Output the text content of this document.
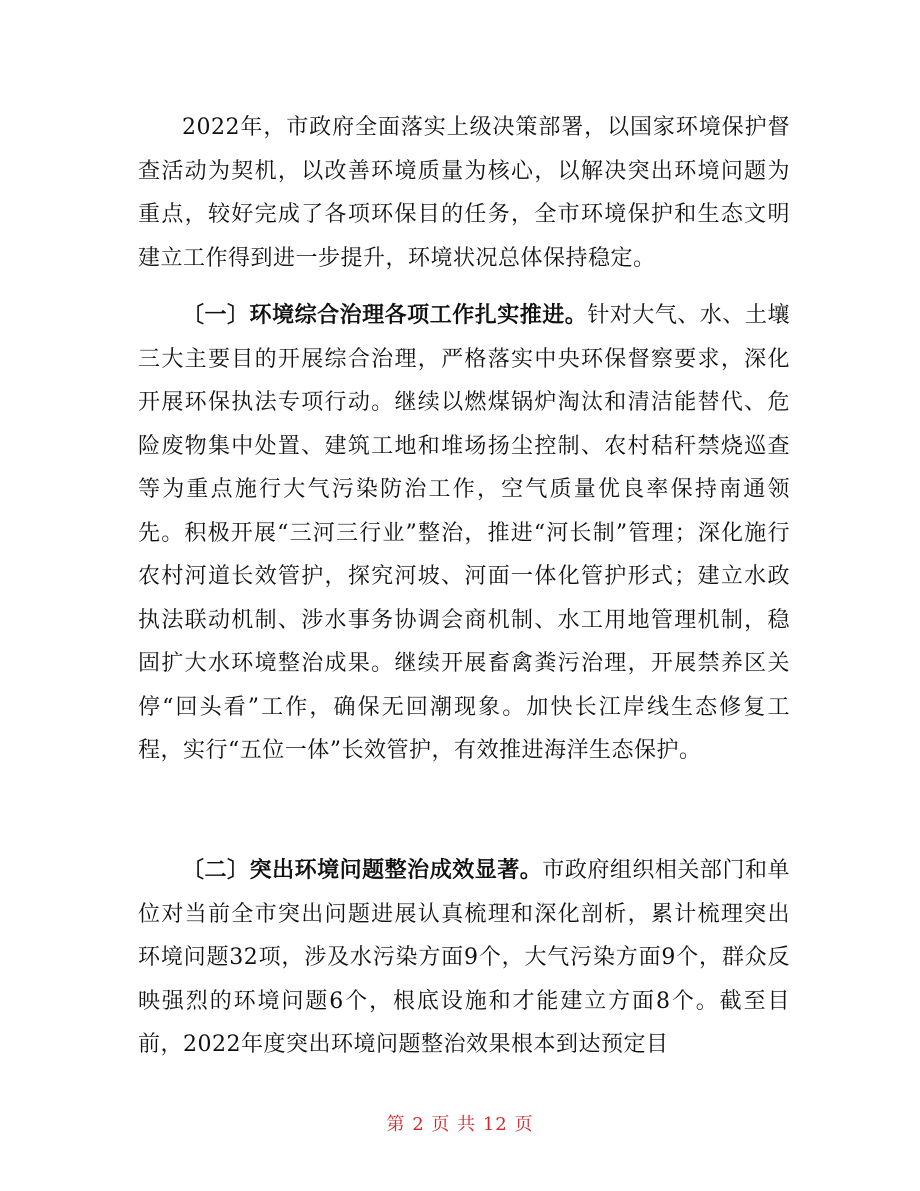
2022年，市政府全面落实上级决策部署，以国家环境保护督查活动为契机，以改善环境质量为核心，以解决突出环境问题为重点，较好完成了各项环保目的任务，全市环境保护和生态文明建立工作得到进一步提升，环境状况总体保持稳定。

〔一〕环境综合治理各项工作扎实推进。针对大气、水、土壤三大主要目的开展综合治理，严格落实中央环保督察要求，深化开展环保执法专项行动。继续以燃煤锅炉淘汰和清洁能替代、危险废物集中处置、建筑工地和堆场扬尘控制、农村秸秆禁烧巡查等为重点施行大气污染防治工作，空气质量优良率保持南通领先。积极开展“三河三行业”整治，推进“河长制”管理；深化施行农村河道长效管护，探究河坡、河面一体化管护形式；建立水政执法联动机制、涉水事务协调会商机制、水工用地管理机制，稳固扩大水环境整治成果。继续开展畜禽粪污治理，开展禁养区关停“回头看”工作，确保无回潮现象。加快长江岸线生态修复工程，实行“五位一体”长效管护，有效推进海洋生态保护。

〔二〕突出环境问题整治成效显著。市政府组织相关部门和单位对当前全市突出问题进展认真梳理和深化剖析，累计梳理突出环境问题32项，涉及水污染方面9个，大气污染方面9个，群众反映强烈的环境问题6个，根底设施和才能建立方面8个。截至目前，2022年度突出环境问题整治效果根本到达预定目

第 2 页 共 12 页
